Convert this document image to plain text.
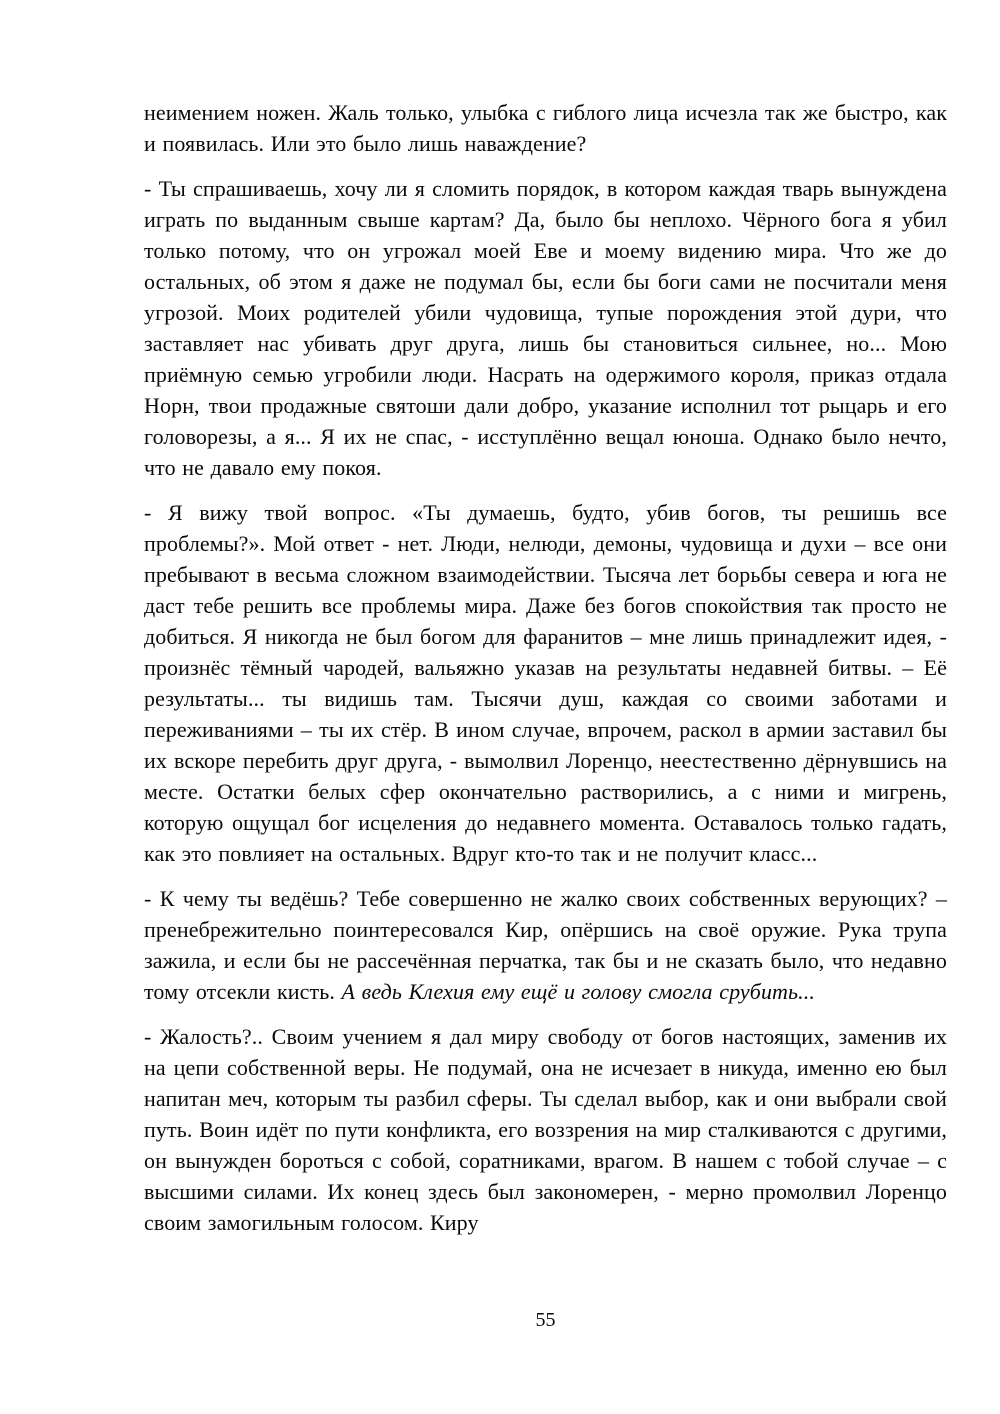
неимением ножен. Жаль только, улыбка с гиблого лица исчезла так же быстро, как и появилась. Или это было лишь наваждение?

- Ты спрашиваешь, хочу ли я сломить порядок, в котором каждая тварь вынуждена играть по выданным свыше картам? Да, было бы неплохо. Чёрного бога я убил только потому, что он угрожал моей Еве и моему видению мира. Что же до остальных, об этом я даже не подумал бы, если бы боги сами не посчитали меня угрозой. Моих родителей убили чудовища, тупые порождения этой дури, что заставляет нас убивать друг друга, лишь бы становиться сильнее, но... Мою приёмную семью угробили люди. Насрать на одержимого короля, приказ отдала Норн, твои продажные святоши дали добро, указание исполнил тот рыцарь и его головорезы, а я... Я их не спас, - исступлённо вещал юноша. Однако было нечто, что не давало ему покоя.

- Я вижу твой вопрос. «Ты думаешь, будто, убив богов, ты решишь все проблемы?». Мой ответ - нет. Люди, нелюди, демоны, чудовища и духи – все они пребывают в весьма сложном взаимодействии. Тысяча лет борьбы севера и юга не даст тебе решить все проблемы мира. Даже без богов спокойствия так просто не добиться. Я никогда не был богом для фаранитов – мне лишь принадлежит идея, - произнёс тёмный чародей, вальяжно указав на результаты недавней битвы. – Её результаты... ты видишь там. Тысячи душ, каждая со своими заботами и переживаниями – ты их стёр. В ином случае, впрочем, раскол в армии заставил бы их вскоре перебить друг друга, - вымолвил Лоренцо, неестественно дёрнувшись на месте. Остатки белых сфер окончательно растворились, а с ними и мигрень, которую ощущал бог исцеления до недавнего момента. Оставалось только гадать, как это повлияет на остальных. Вдруг кто-то так и не получит класс...

- К чему ты ведёшь? Тебе совершенно не жалко своих собственных верующих? – пренебрежительно поинтересовался Кир, опёршись на своё оружие. Рука трупа зажила, и если бы не рассечённая перчатка, так бы и не сказать было, что недавно тому отсекли кисть. А ведь Клехия ему ещё и голову смогла срубить...

- Жалость?.. Своим учением я дал миру свободу от богов настоящих, заменив их на цепи собственной веры. Не подумай, она не исчезает в никуда, именно ею был напитан меч, которым ты разбил сферы. Ты сделал выбор, как и они выбрали свой путь. Воин идёт по пути конфликта, его воззрения на мир сталкиваются с другими, он вынужден бороться с собой, соратниками, врагом. В нашем с тобой случае – с высшими силами. Их конец здесь был закономерен, - мерно промолвил Лоренцо своим замогильным голосом. Киру

55
